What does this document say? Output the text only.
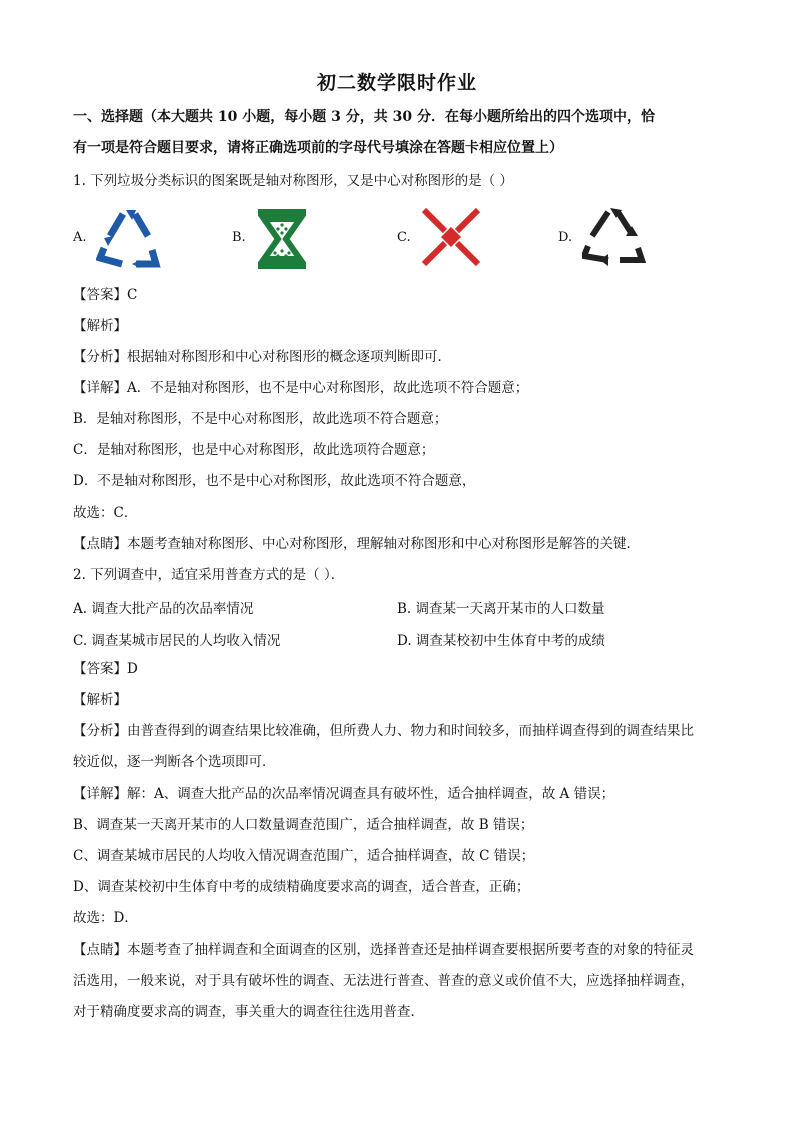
初二数学限时作业
一、选择题（本大题共 10 小题，每小题 3 分，共 30 分．在每小题所给出的四个选项中，恰
有一项是符合题目要求，请将正确选项前的字母代号填涂在答题卡相应位置上）
1. 下列垃圾分类标识的图案既是轴对称图形，又是中心对称图形的是（ ）
A.	B.	C.	D.
【答案】C
【解析】
【分析】根据轴对称图形和中心对称图形的概念逐项判断即可．
【详解】A．不是轴对称图形，也不是中心对称图形，故此选项不符合题意；
B．是轴对称图形，不是中心对称图形，故此选项不符合题意；
C．是轴对称图形，也是中心对称图形，故此选项符合题意；
D．不是轴对称图形，也不是中心对称图形，故此选项不符合题意，
故选：C．
【点睛】本题考查轴对称图形、中心对称图形，理解轴对称图形和中心对称图形是解答的关键．
2. 下列调查中，适宜采用普查方式的是（ ）．
A. 调查大批产品的次品率情况	B. 调查某一天离开某市的人口数量
C. 调查某城市居民的人均收入情况	D. 调查某校初中生体育中考的成绩
【答案】D
【解析】
【分析】由普查得到的调查结果比较准确，但所费人力、物力和时间较多，而抽样调查得到的调查结果比
较近似，逐一判断各个选项即可．
【详解】解：A、调查大批产品的次品率情况调查具有破坏性，适合抽样调查，故 A 错误；
B、调查某一天离开某市的人口数量调查范围广，适合抽样调查，故 B 错误；
C、调查某城市居民的人均收入情况调查范围广，适合抽样调查，故 C 错误；
D、调查某校初中生体育中考的成绩精确度要求高的调查，适合普查，正确；
故选：D．
【点睛】本题考查了抽样调查和全面调查的区别，选择普查还是抽样调查要根据所要考查的对象的特征灵
活选用，一般来说，对于具有破坏性的调查、无法进行普查、普查的意义或价值不大，应选择抽样调查，
对于精确度要求高的调查，事关重大的调查往往选用普查．
